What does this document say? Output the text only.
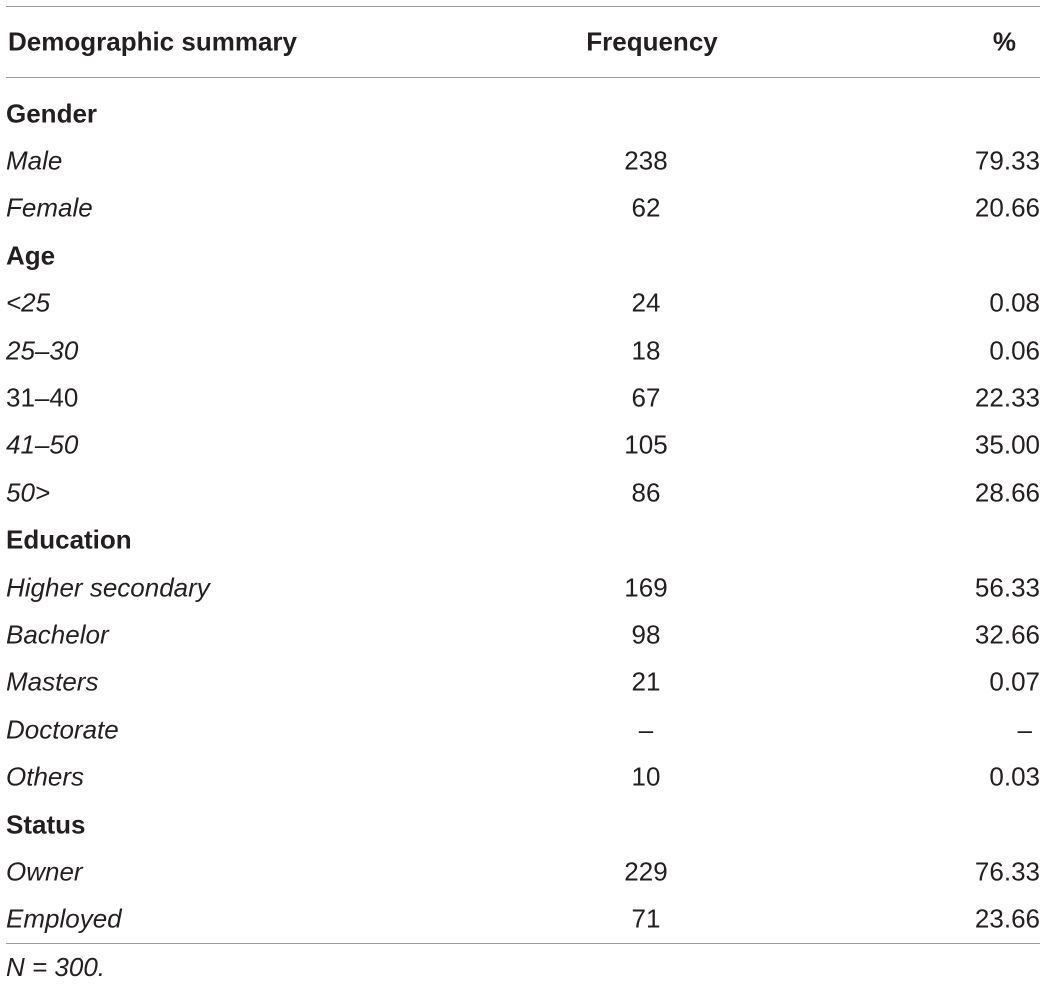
Demographic summary	Frequency	%
Gender
Male	238	79.33
Female	62	20.66
Age
<25	24	0.08
25–30	18	0.06
31–40	67	22.33
41–50	105	35.00
50>	86	28.66
Education
Higher secondary	169	56.33
Bachelor	98	32.66
Masters	21	0.07
Doctorate	–	–
Others	10	0.03
Status
Owner	229	76.33
Employed	71	23.66
N = 300.
